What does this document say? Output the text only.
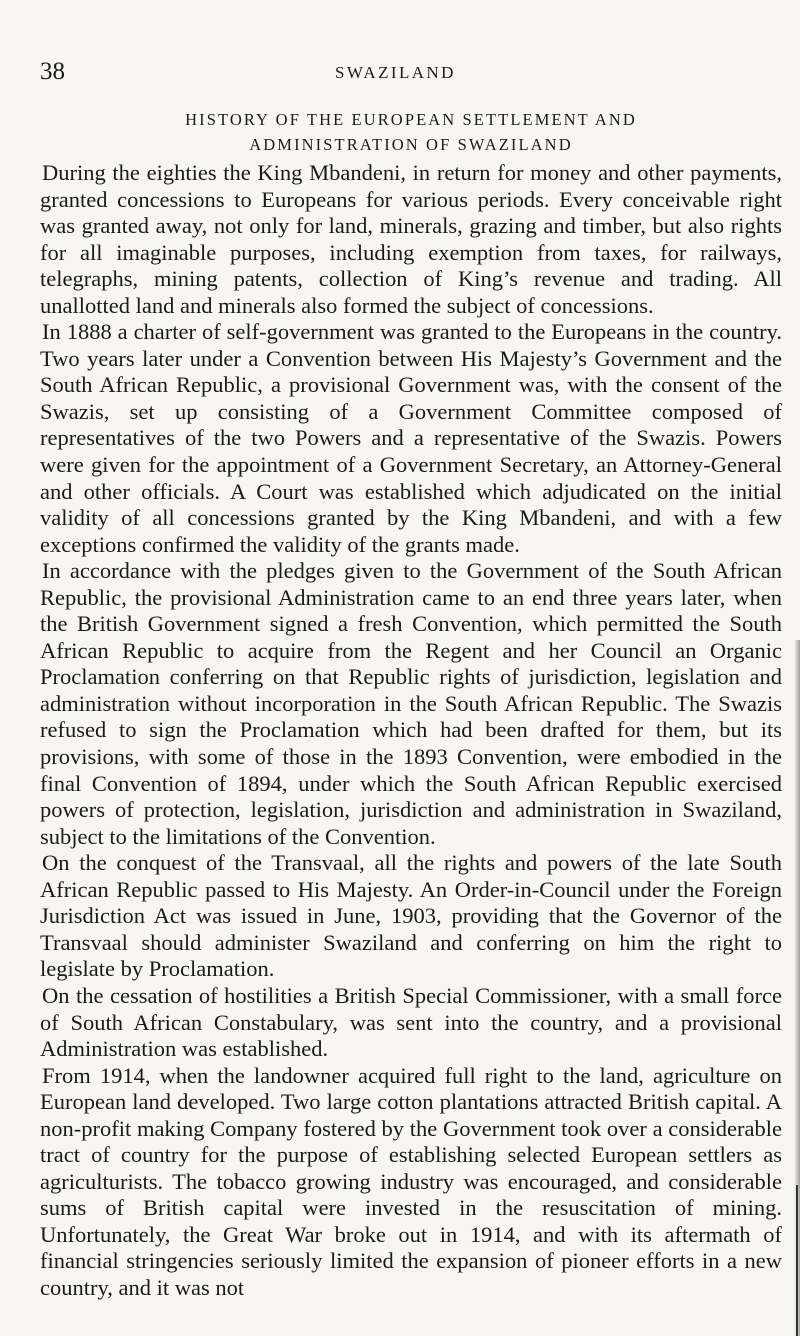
38	SWAZILAND
HISTORY OF THE EUROPEAN SETTLEMENT AND
ADMINISTRATION OF SWAZILAND

During the eighties the King Mbandeni, in return for money and other payments, granted concessions to Europeans for various periods. Every conceivable right was granted away, not only for land, minerals, grazing and timber, but also rights for all imaginable purposes, including exemption from taxes, for railways, telegraphs, mining patents, collection of King’s revenue and trading. All unallotted land and minerals also formed the subject of concessions.

In 1888 a charter of self-government was granted to the Europeans in the country. Two years later under a Convention between His Majesty’s Government and the South African Republic, a provisional Government was, with the consent of the Swazis, set up consisting of a Government Committee composed of representatives of the two Powers and a representative of the Swazis. Powers were given for the appointment of a Government Secretary, an Attorney-General and other officials. A Court was established which adjudicated on the initial validity of all concessions granted by the King Mbandeni, and with a few exceptions confirmed the validity of the grants made.

In accordance with the pledges given to the Government of the South African Republic, the provisional Administration came to an end three years later, when the British Government signed a fresh Convention, which permitted the South African Republic to acquire from the Regent and her Council an Organic Proclamation conferring on that Republic rights of jurisdiction, legislation and administration without incorporation in the South African Republic. The Swazis refused to sign the Proclamation which had been drafted for them, but its provisions, with some of those in the 1893 Convention, were embodied in the final Convention of 1894, under which the South African Republic exercised powers of protection, legislation, jurisdiction and administration in Swaziland, subject to the limitations of the Convention.

On the conquest of the Transvaal, all the rights and powers of the late South African Republic passed to His Majesty. An Order-in-Council under the Foreign Jurisdiction Act was issued in June, 1903, providing that the Governor of the Transvaal should administer Swaziland and conferring on him the right to legislate by Proclamation.

On the cessation of hostilities a British Special Commissioner, with a small force of South African Constabulary, was sent into the country, and a provisional Administration was established.

From 1914, when the landowner acquired full right to the land, agriculture on European land developed. Two large cotton plantations attracted British capital. A non-profit making Company fostered by the Government took over a considerable tract of country for the purpose of establishing selected European settlers as agriculturists. The tobacco growing industry was encouraged, and considerable sums of British capital were invested in the resuscitation of mining. Unfortunately, the Great War broke out in 1914, and with its aftermath of financial stringencies seriously limited the expansion of pioneer efforts in a new country, and it was not
